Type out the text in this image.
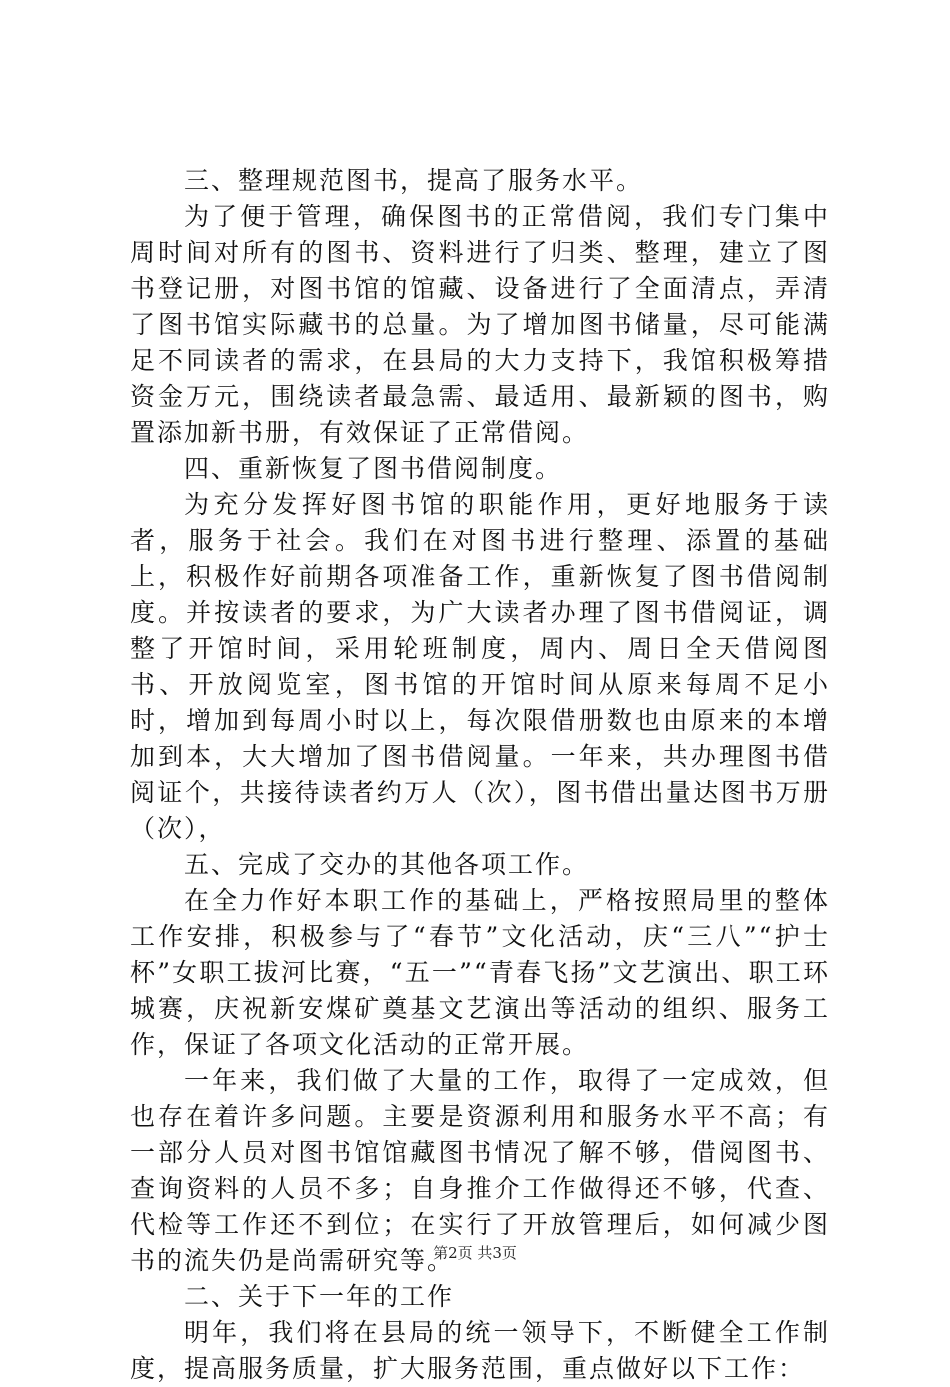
三、整理规范图书，提高了服务水平。

为了便于管理，确保图书的正常借阅，我们专门集中周时间对所有的图书、资料进行了归类、整理，建立了图书登记册，对图书馆的馆藏、设备进行了全面清点，弄清了图书馆实际藏书的总量。为了增加图书储量，尽可能满足不同读者的需求，在县局的大力支持下，我馆积极筹措资金万元，围绕读者最急需、最适用、最新颖的图书，购置添加新书册，有效保证了正常借阅。

四、重新恢复了图书借阅制度。

为充分发挥好图书馆的职能作用，更好地服务于读者，服务于社会。我们在对图书进行整理、添置的基础上，积极作好前期各项准备工作，重新恢复了图书借阅制度。并按读者的要求，为广大读者办理了图书借阅证，调整了开馆时间，采用轮班制度，周内、周日全天借阅图书、开放阅览室，图书馆的开馆时间从原来每周不足小时，增加到每周小时以上，每次限借册数也由原来的本增加到本，大大增加了图书借阅量。一年来，共办理图书借阅证个，共接待读者约万人（次），图书借出量达图书万册（次），

五、完成了交办的其他各项工作。

在全力作好本职工作的基础上，严格按照局里的整体工作安排，积极参与了“春节”文化活动，庆“三八”“护士杯”女职工拔河比赛，“五一”“青春飞扬”文艺演出、职工环城赛，庆祝新安煤矿奠基文艺演出等活动的组织、服务工作，保证了各项文化活动的正常开展。

一年来，我们做了大量的工作，取得了一定成效，但也存在着许多问题。主要是资源利用和服务水平不高；有一部分人员对图书馆馆藏图书情况了解不够，借阅图书、查询资料的人员不多；自身推介工作做得还不够，代查、代检等工作还不到位；在实行了开放管理后，如何减少图书的流失仍是尚需研究等。

二、关于下一年的工作

明年，我们将在县局的统一领导下，不断健全工作制度，提高服务质量，扩大服务范围，重点做好以下工作：

第2页 共3页
